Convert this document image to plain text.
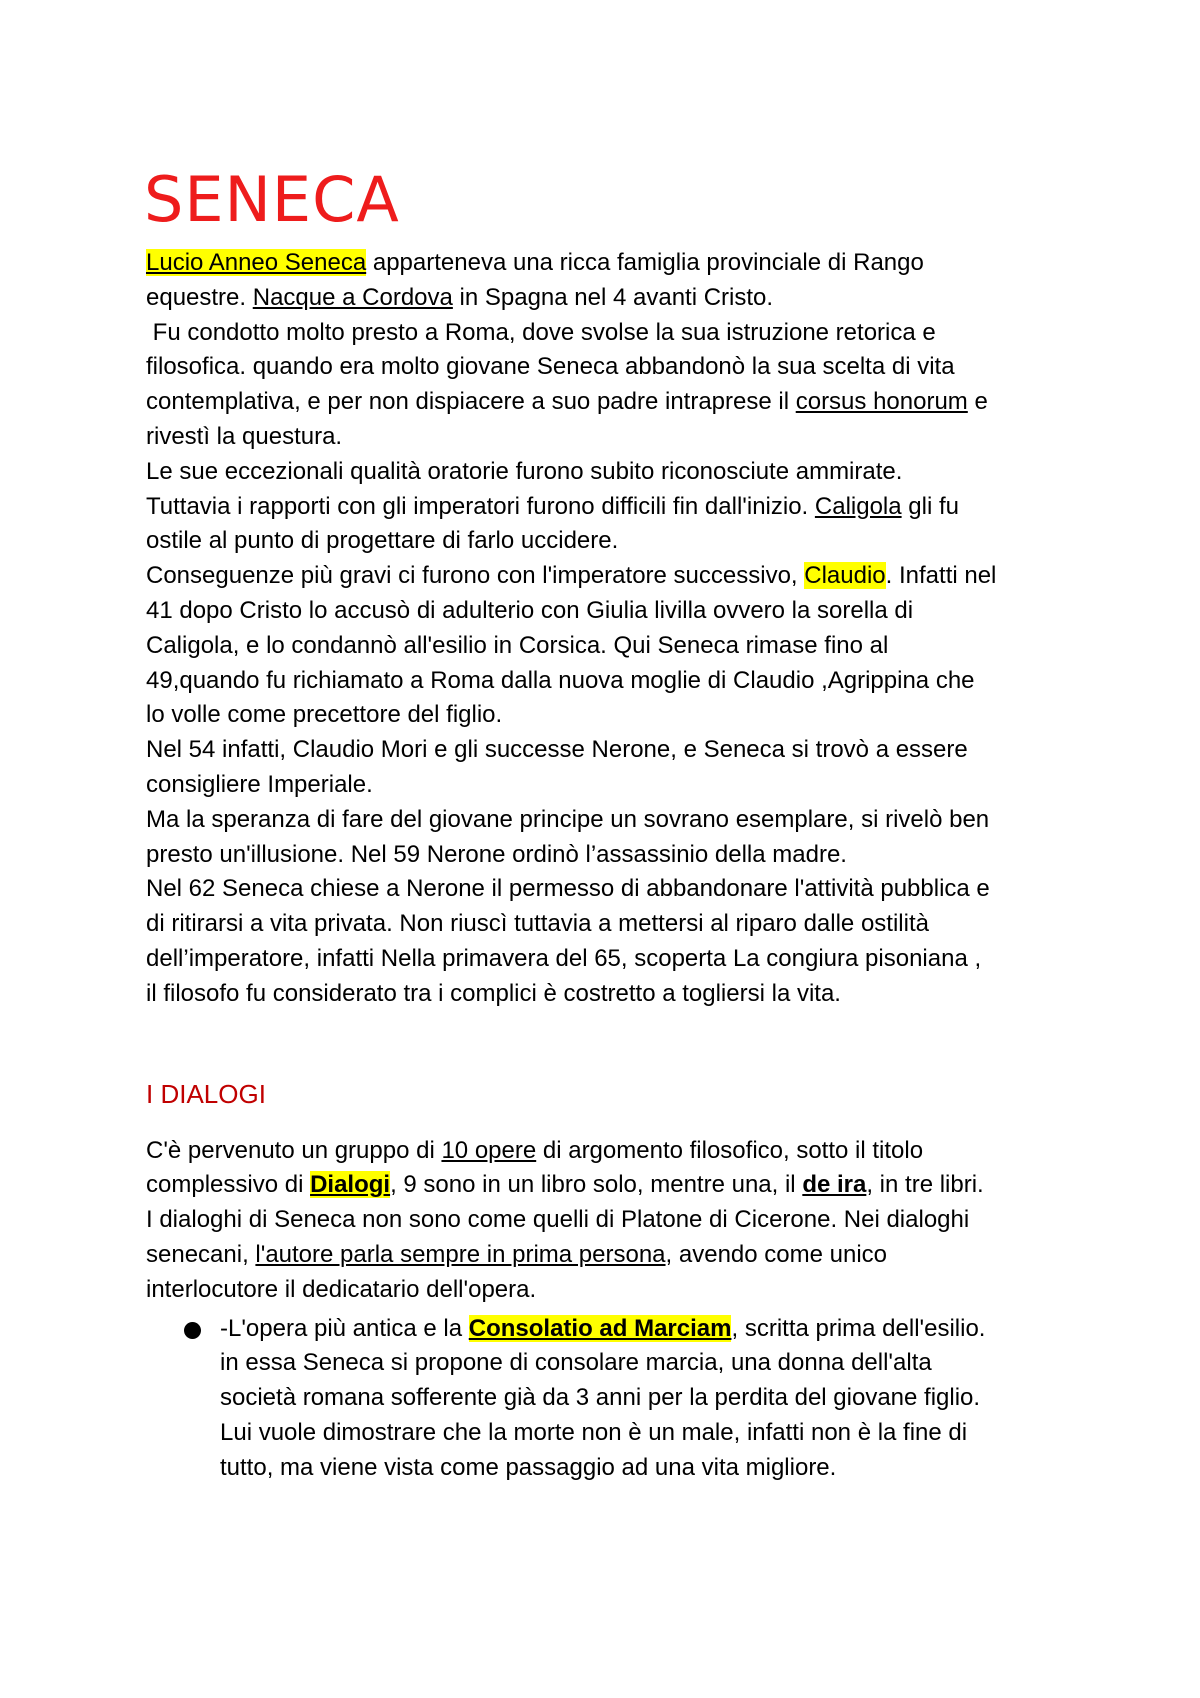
SENECA
Lucio Anneo Seneca apparteneva una ricca famiglia provinciale di Rango
equestre. Nacque a Cordova in Spagna nel 4 avanti Cristo.
Fu condotto molto presto a Roma, dove svolse la sua istruzione retorica e
filosofica. quando era molto giovane Seneca abbandonò la sua scelta di vita
contemplativa, e per non dispiacere a suo padre intraprese il corsus honorum e
rivestì la questura.
Le sue eccezionali qualità oratorie furono subito riconosciute ammirate.
Tuttavia i rapporti con gli imperatori furono difficili fin dall'inizio. Caligola gli fu
ostile al punto di progettare di farlo uccidere.
Conseguenze più gravi ci furono con l'imperatore successivo, Claudio. Infatti nel
41 dopo Cristo lo accusò di adulterio con Giulia livilla ovvero la sorella di
Caligola, e lo condannò all'esilio in Corsica. Qui Seneca rimase fino al
49,quando fu richiamato a Roma dalla nuova moglie di Claudio ,Agrippina che
lo volle come precettore del figlio.
Nel 54 infatti, Claudio Mori e gli successe Nerone, e Seneca si trovò a essere
consigliere Imperiale.
Ma la speranza di fare del giovane principe un sovrano esemplare, si rivelò ben
presto un'illusione. Nel 59 Nerone ordinò l’assassinio della madre.
Nel 62 Seneca chiese a Nerone il permesso di abbandonare l'attività pubblica e
di ritirarsi a vita privata. Non riuscì tuttavia a mettersi al riparo dalle ostilità
dell’imperatore, infatti Nella primavera del 65, scoperta La congiura pisoniana ,
il filosofo fu considerato tra i complici è costretto a togliersi la vita.
I DIALOGI
C'è pervenuto un gruppo di 10 opere di argomento filosofico, sotto il titolo
complessivo di Dialogi, 9 sono in un libro solo, mentre una, il de ira, in tre libri.
I dialoghi di Seneca non sono come quelli di Platone di Cicerone. Nei dialoghi
senecani, l'autore parla sempre in prima persona, avendo come unico
interlocutore il dedicatario dell'opera.
-L'opera più antica e la Consolatio ad Marciam, scritta prima dell'esilio.
in essa Seneca si propone di consolare marcia, una donna dell'alta
società romana sofferente già da 3 anni per la perdita del giovane figlio.
Lui vuole dimostrare che la morte non è un male, infatti non è la fine di
tutto, ma viene vista come passaggio ad una vita migliore.
